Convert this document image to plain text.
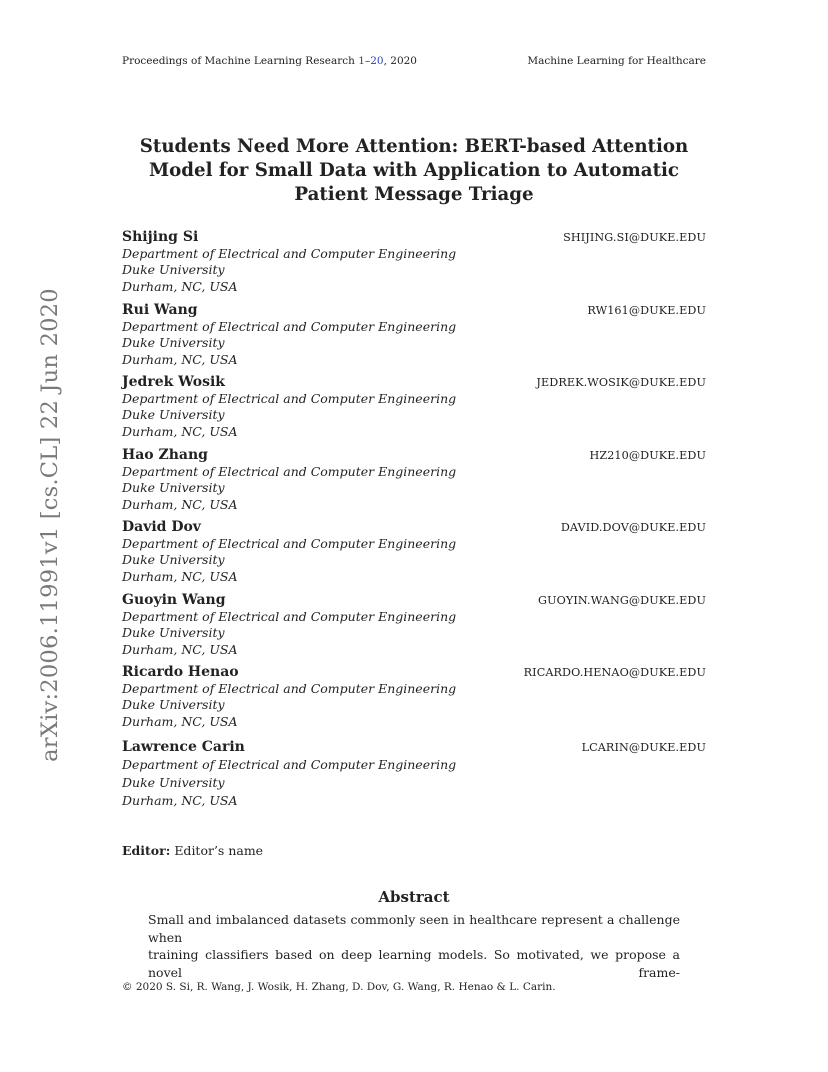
Proceedings of Machine Learning Research 1–20, 2020	Machine Learning for Healthcare
arXiv:2006.11991v1 [cs.CL] 22 Jun 2020
Students Need More Attention: BERT-based Attention
Model for Small Data with Application to Automatic
Patient Message Triage
Shijing Si	SHIJING.SI@DUKE.EDU
Department of Electrical and Computer Engineering
Duke University
Durham, NC, USA
Rui Wang	RW161@DUKE.EDU
Department of Electrical and Computer Engineering
Duke University
Durham, NC, USA
Jedrek Wosik	JEDREK.WOSIK@DUKE.EDU
Department of Electrical and Computer Engineering
Duke University
Durham, NC, USA
Hao Zhang	HZ210@DUKE.EDU
Department of Electrical and Computer Engineering
Duke University
Durham, NC, USA
David Dov	DAVID.DOV@DUKE.EDU
Department of Electrical and Computer Engineering
Duke University
Durham, NC, USA
Guoyin Wang	GUOYIN.WANG@DUKE.EDU
Department of Electrical and Computer Engineering
Duke University
Durham, NC, USA
Ricardo Henao	RICARDO.HENAO@DUKE.EDU
Department of Electrical and Computer Engineering
Duke University
Durham, NC, USA
Lawrence Carin	LCARIN@DUKE.EDU
Department of Electrical and Computer Engineering
Duke University
Durham, NC, USA
Editor: Editor’s name
Abstract
Small and imbalanced datasets commonly seen in healthcare represent a challenge when
training classifiers based on deep learning models. So motivated, we propose a novel frame-
© 2020 S. Si, R. Wang, J. Wosik, H. Zhang, D. Dov, G. Wang, R. Henao & L. Carin.
